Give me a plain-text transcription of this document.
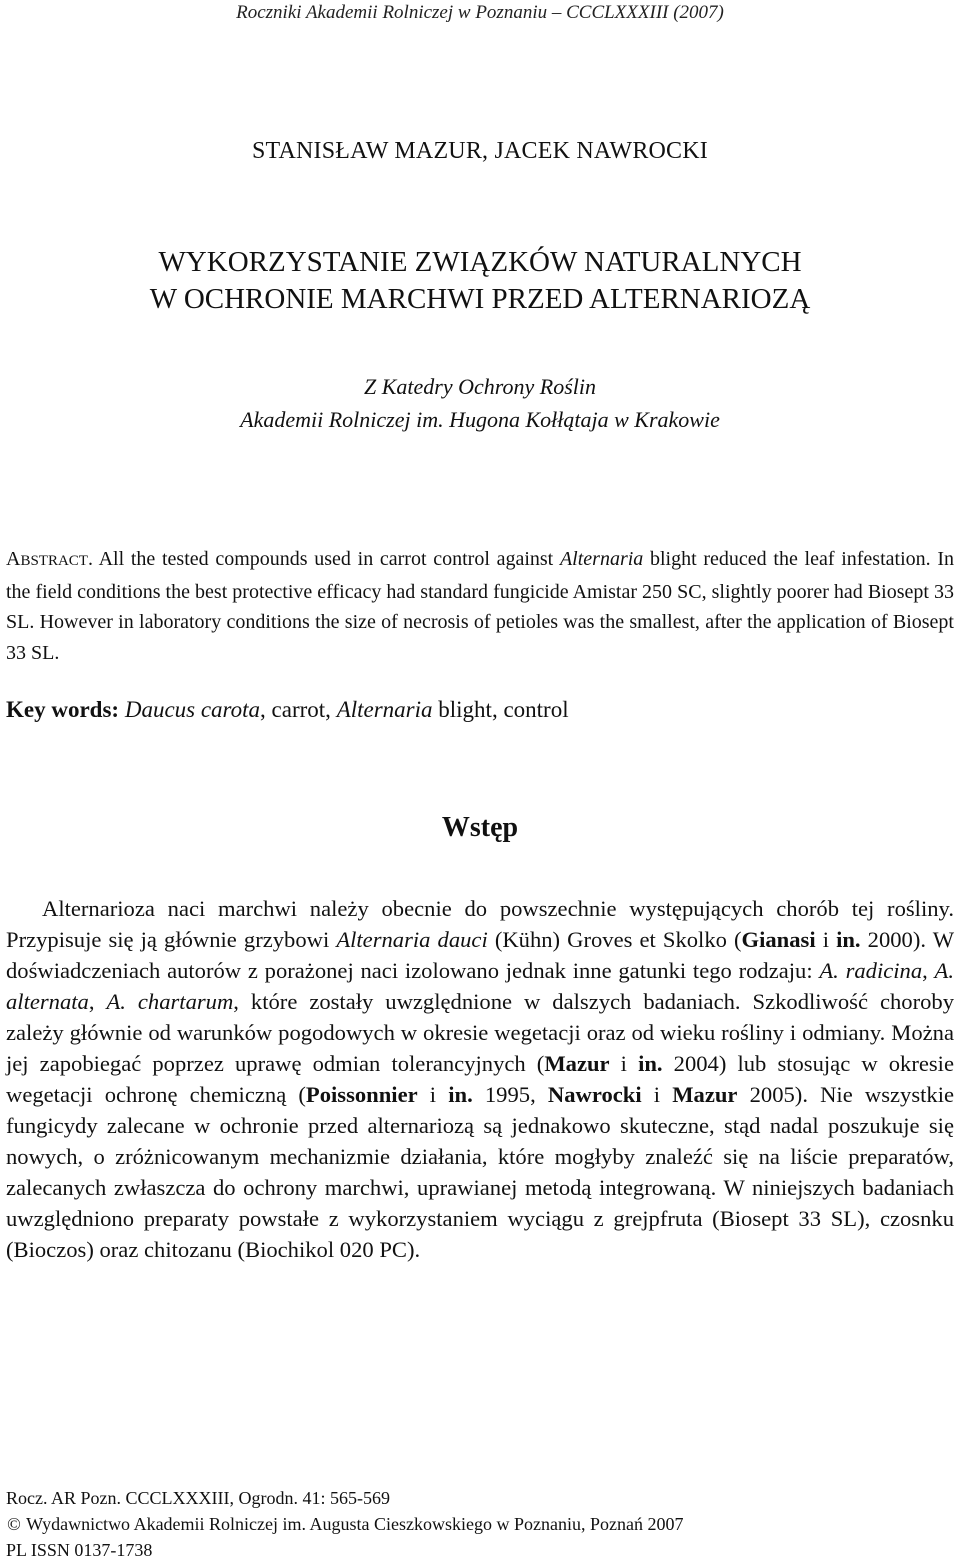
Roczniki Akademii Rolniczej w Poznaniu – CCCLXXXIII (2007)
STANISŁAW MAZUR, JACEK NAWROCKI
WYKORZYSTANIE ZWIĄZKÓW NATURALNYCH
W OCHRONIE MARCHWI PRZED ALTERNARIOZĄ
Z Katedry Ochrony Roślin
Akademii Rolniczej im. Hugona Kołłątaja w Krakowie
ABSTRACT. All the tested compounds used in carrot control against Alternaria blight reduced the leaf infestation. In the field conditions the best protective efficacy had standard fungicide Amistar 250 SC, slightly poorer had Biosept 33 SL. However in laboratory conditions the size of necrosis of petioles was the smallest, after the application of Biosept 33 SL.
Key words: Daucus carota, carrot, Alternaria blight, control
Wstęp
Alternarioza naci marchwi należy obecnie do powszechnie występujących chorób tej rośliny. Przypisuje się ją głównie grzybowi Alternaria dauci (Kühn) Groves et Skolko (Gianasi i in. 2000). W doświadczeniach autorów z porażonej naci izolowano jednak inne gatunki tego rodzaju: A. radicina, A. alternata, A. chartarum, które zostały uwzględnione w dalszych badaniach. Szkodliwość choroby zależy głównie od warunków pogodowych w okresie wegetacji oraz od wieku rośliny i odmiany. Można jej zapobiegać poprzez uprawę odmian tolerancyjnych (Mazur i in. 2004) lub stosując w okresie wegetacji ochronę chemiczną (Poissonnier i in. 1995, Nawrocki i Mazur 2005). Nie wszystkie fungicydy zalecane w ochronie przed alternariozą są jednakowo skuteczne, stąd nadal poszukuje się nowych, o zróżnicowanym mechanizmie działania, które mogłyby znaleźć się na liście preparatów, zalecanych zwłaszcza do ochrony marchwi, uprawianej metodą integrowaną. W niniejszych badaniach uwzględniono preparaty powstałe z wykorzystaniem wyciągu z grejpfruta (Biosept 33 SL), czosnku (Bioczos) oraz chitozanu (Biochikol 020 PC).
Rocz. AR Pozn. CCCLXXXIII, Ogrodn. 41: 565-569
© Wydawnictwo Akademii Rolniczej im. Augusta Cieszkowskiego w Poznaniu, Poznań 2007
PL ISSN 0137-1738
